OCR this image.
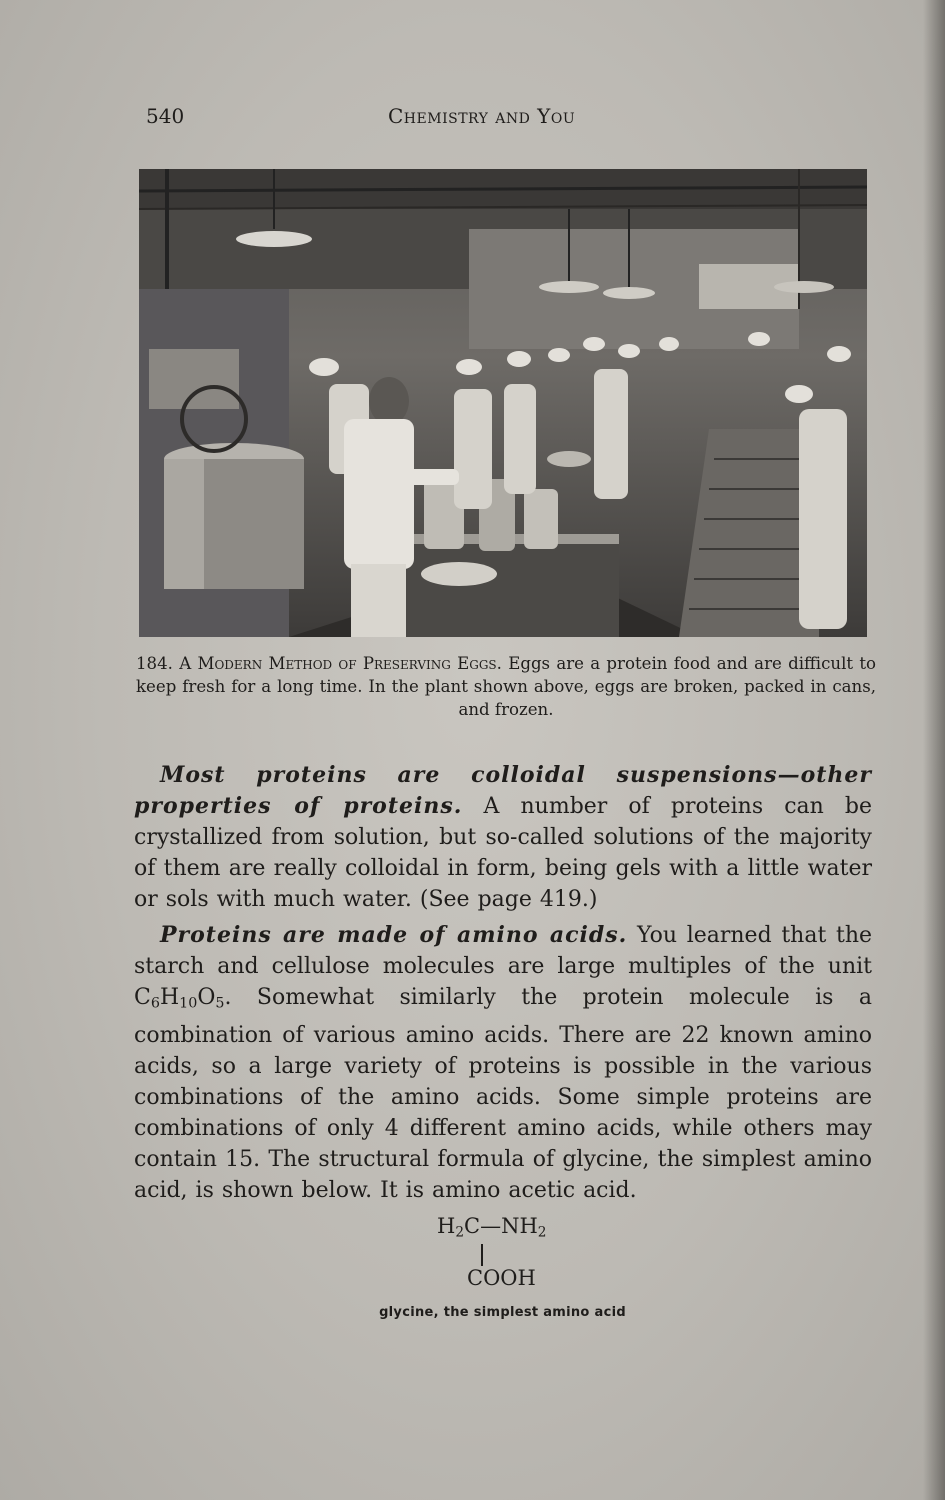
540	Chemistry and You
184. A Modern Method of Preserving Eggs. Eggs are a protein food and are difficult to keep fresh for a long time. In the plant shown above, eggs are broken, packed in cans, and frozen.
Most proteins are colloidal suspensions—other properties of proteins. A number of proteins can be crystallized from solution, but so-called solutions of the majority of them are really colloidal in form, being gels with a little water or sols with much water. (See page 419.)
Proteins are made of amino acids. You learned that the starch and cellulose molecules are large multiples of the unit $C_6H_{10}O_5$. Somewhat similarly the protein molecule is a combination of various amino acids. There are 22 known amino acids, so a large variety of proteins is possible in the various combinations of the amino acids. Some simple proteins are combinations of only 4 different amino acids, while others may contain 15. The structural formula of glycine, the simplest amino acid, is shown below. It is amino acetic acid.
$H_2C—NH_2$
COOH
glycine, the simplest amino acid
